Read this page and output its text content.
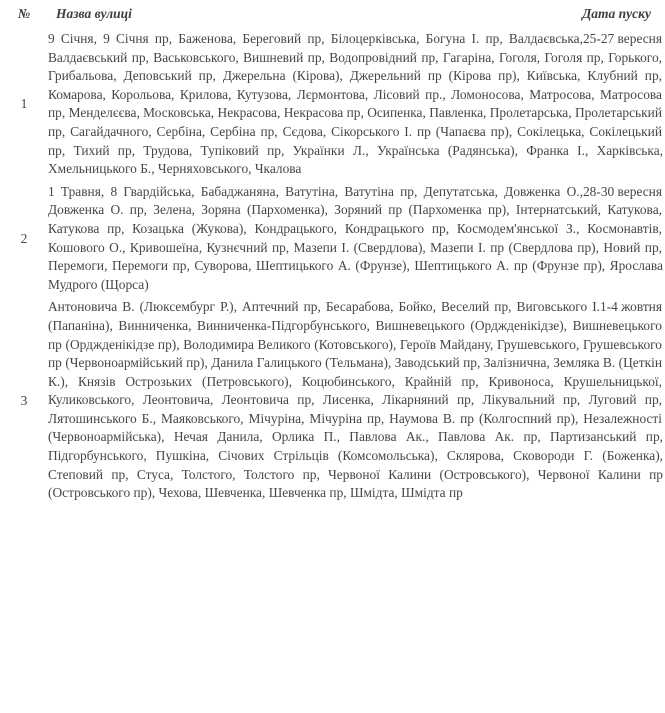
№	Назва вулиці	Дата пуску
1
25-27 вересня
9 Січня, 9 Січня пр, Баженова, Береговий пр, Білоцерківська, Богуна І. пр, Валдаєвська, Валдаєвський пр, Васьковського, Вишневий пр, Водопровідний пр, Гагаріна, Гоголя, Гоголя пр, Горького, Грибальова, Деповський пр, Джерельна (Кірова), Джерельний пр (Кірова пр), Київська, Клубний пр, Комарова, Корольова, Крилова, Кутузова, Лєрмонтова, Лісовий пр., Ломоносова, Матросова, Матросова пр, Менделєєва, Московська, Некрасова, Некрасова пр, Осипенка, Павленка, Пролетарська, Пролетарський пр, Сагайдачного, Сербіна, Сербіна пр, Сєдова, Сікорського І. пр (Чапаєва пр), Сокілецька, Сокілецький пр, Тихий пр, Трудова, Тупіковий пр, Українки Л., Українська (Радянська), Франка І., Харківська, Хмельницького Б., Черняховського, Чкалова
2
28-30 вересня
1 Травня, 8 Гвардійська, Бабаджаняна, Ватутіна, Ватутіна пр, Депутатська, Довженка О., Довженка О. пр, Зелена, Зоряна (Пархоменка), Зоряний пр (Пархоменка пр), Інтернатський, Катукова, Катукова пр, Козацька (Жукова), Кондрацького, Кондрацького пр, Космодем'янської З., Космонавтів, Кошового О., Кривошеїна, Кузнєчний пр, Мазепи І. (Свердлова), Мазепи І. пр (Свердлова пр), Новий пр, Перемоги, Перемоги пр, Суворова, Шептицького А. (Фрунзе), Шептицького А. пр (Фрунзе пр), Ярослава Мудрого (Щорса)
3
1-4 жовтня
Антоновича В. (Люксембург Р.), Аптечний пр, Бесарабова, Бойко, Веселий пр, Виговського І. (Папаніна), Винниченка, Винниченка-Підгорбунського, Вишневецького (Орджденікідзе), Вишневецького пр (Орджденікідзе пр), Володимира Великого (Котовського), Героїв Майдану, Грушевського, Грушевського пр (Червоноармійський пр), Данила Галицького (Тельмана), Заводський пр, Залізнична, Земляка В. (Цеткін К.), Князів Острозьких (Петровського), Коцюбинського, Крайній пр, Кривоноса, Крушельницької, Куликовського, Леонтовича, Леонтовича пр, Лисенка, Лікарняний пр, Лікувальний пр, Луговий пр, Лятошинського Б., Маяковського, Мічуріна, Мічуріна пр, Наумова В. пр (Колгоспний пр), Незалежності (Червоноармійська), Нечая Данила, Орлика П., Павлова Ак., Павлова Ак. пр, Партизанський пр, Підгорбунського, Пушкіна, Січових Стрільців (Комсомольська), Склярова, Сковороди Г. (Боженка), Степовий пр, Стуса, Толстого, Толстого пр, Червоної Калини (Островського), Червоної Калини пр (Островського пр), Чехова, Шевченка, Шевченка пр, Шмідта, Шмідта пр
